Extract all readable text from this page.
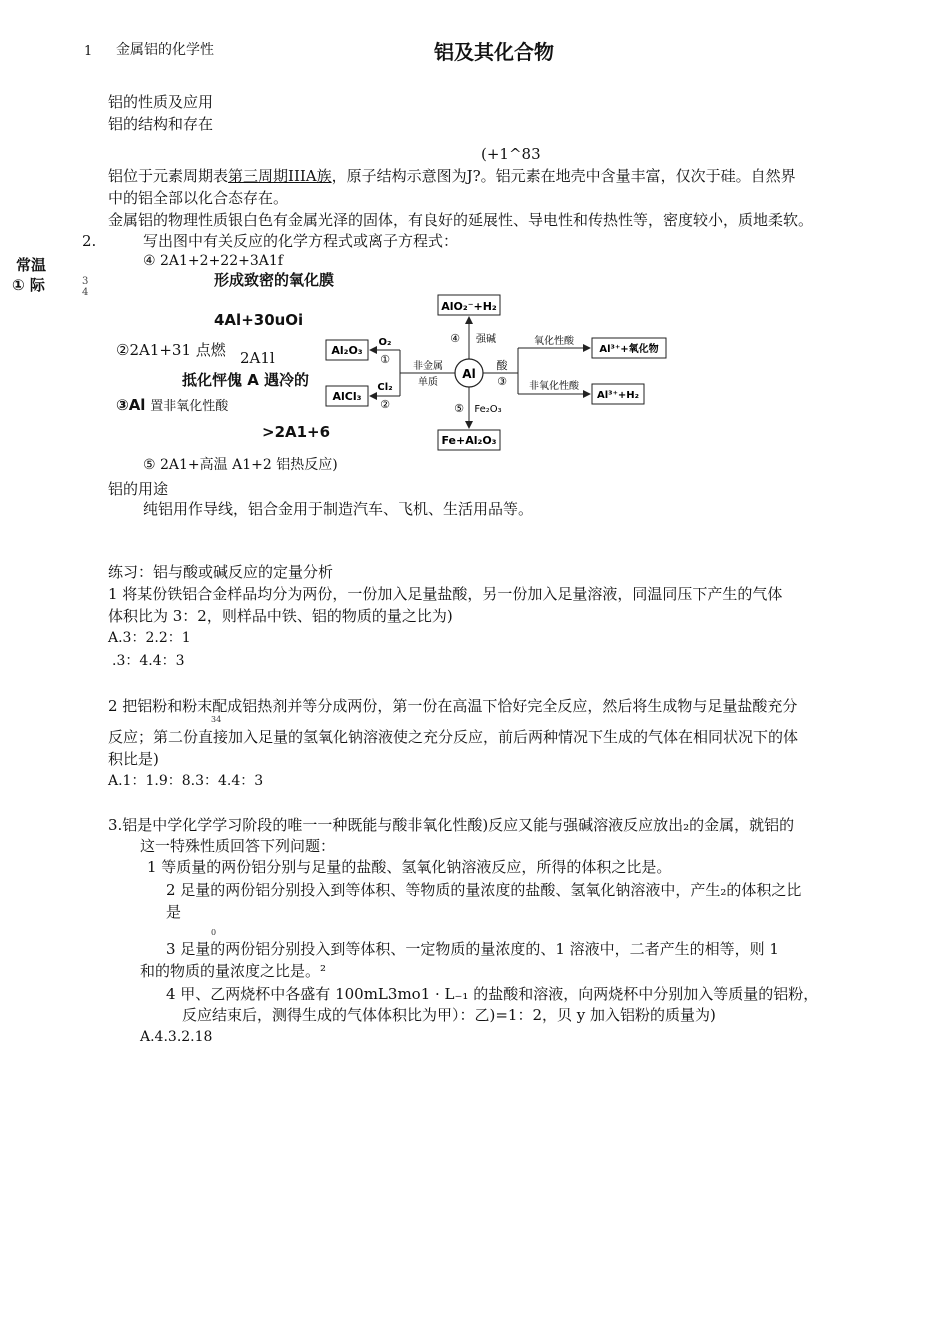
1 金属铝的化学性	铝及其化合物
铝的性质及应用
铝的结构和存在
(+1^83
铝位于元素周期表第三周期IIIA族，原子结构示意图为J?。铝元素在地壳中含量丰富，仅次于硅。自然界
中的铝全部以化合态存在。
金属铝的物理性质银白色有金属光泽的固体，有良好的延展性、导电性和传热性等，密度较小，质地柔软。
2.	写出图中有关反应的化学方程式或离子方程式：
④ 2A1+2+22+3A1f
常温
① 际	3
4
形成致密的氧化膜
4Al+30uOi
②2A1+31 点燃 2A1l
抵化怦傀 A 遇冷的
③Al 置非氧化性酸
>2A1+6
⑤ 2A1+高温 A1+2 铝热反应)
Al
AlO₂⁻+H₂
④ 强碱
Al₂O₃
AlCl₃
O₂
①
Cl₂
②
非金属
单质
酸
③
氧化性酸
非氧化性酸
Al³⁺+氧化物
Al³⁺+H₂
⑤ Fe₂O₃
Fe+Al₂O₃
铝的用途
纯铝用作导线，铝合金用于制造汽车、飞机、生活用品等。
练习：铝与酸或碱反应的定量分析
1 将某份铁铝合金样品均分为两份，一份加入足量盐酸，另一份加入足量溶液，同温同压下产生的气体
体积比为 3：2，则样品中铁、铝的物质的量之比为)
A.3：2.2：1
.3：4.4：3
2 把铝粉和粉末配成铝热剂并等分成两份，第一份在高温下恰好完全反应，然后将生成物与足量盐酸充分
34
反应；第二份直接加入足量的氢氧化钠溶液使之充分反应，前后两种情况下生成的气体在相同状况下的体
积比是)
A.1：1.9：8.3：4.4：3
3.铝是中学化学学习阶段的唯一一种既能与酸非氧化性酸)反应又能与强碱溶液反应放出₂的金属，就铝的
这一特殊性质回答下列问题：
1 等质量的两份铝分别与足量的盐酸、氢氧化钠溶液反应，所得的体积之比是。
2 足量的两份铝分别投入到等体积、等物质的量浓度的盐酸、氢氧化钠溶液中，产生₂的体积之比
是
0
3 足量的两份铝分别投入到等体积、一定物质的量浓度的、1 溶液中，二者产生的相等，则 1
和的物质的量浓度之比是。²
4 甲、乙两烧杯中各盛有 100mL3mo1 · L₋₁ 的盐酸和溶液，向两烧杯中分别加入等质量的铝粉，
反应结束后，测得生成的气体体积比为甲）：乙)=1：2，贝 y 加入铝粉的质量为)
A.4.3.2.18
